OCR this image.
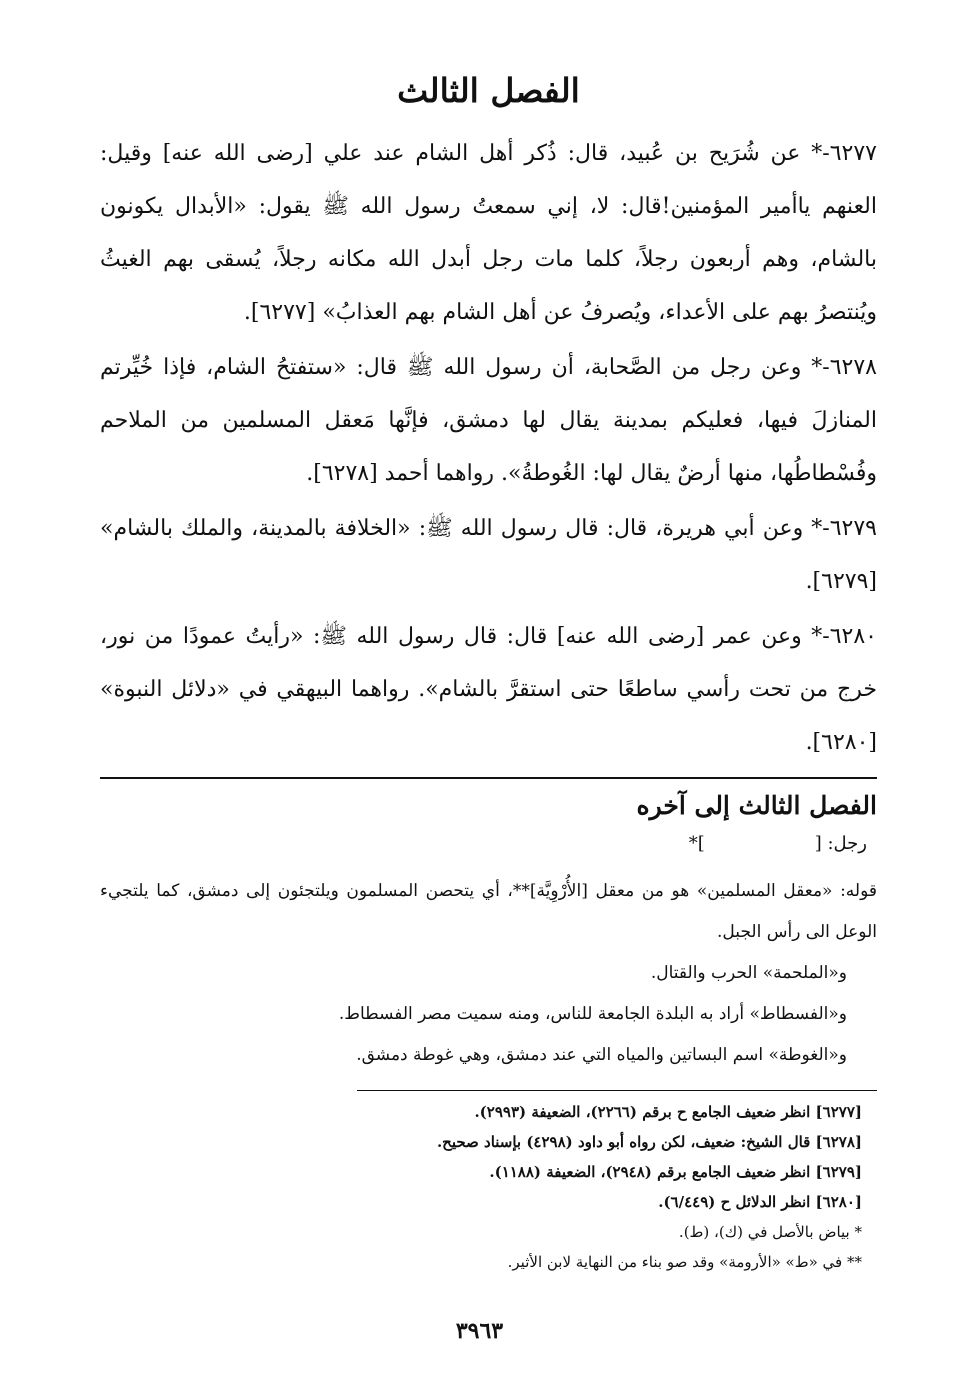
الفصل الثالث

٦٢٧٧-* عن شُرَيح بن عُبيد، قال: ذُكر أهل الشام عند علي [رضى الله عنه] وقيل: العنهم ياأمير المؤمنين!قال: لا، إني سمعتُ رسول الله ﷺ يقول: «الأبدال يكونون بالشام، وهم أربعون رجلاً، كلما مات رجل أبدل الله مكانه رجلاً، يُسقى بهم الغيثُ ويُنتصرُ بهم على الأعداء، ويُصرفُ عن أهل الشام بهم العذابُ» [٦٢٧٧].

٦٢٧٨-* وعن رجل من الصَّحابة، أن رسول الله ﷺ قال: «ستفتحُ الشام، فإذا خُيِّرتم المنازلَ فيها، فعليكم بمدينة يقال لها دمشق، فإنَّها مَعقل المسلمين من الملاحم وفُسْطاطُها، منها أرضٌ يقال لها: الغُوطةُ». رواهما أحمد [٦٢٧٨].

٦٢٧٩-* وعن أبي هريرة، قال: قال رسول الله ﷺ: «الخلافة بالمدينة، والملك بالشام» [٦٢٧٩].

٦٢٨٠-* وعن عمر [رضى الله عنه] قال: قال رسول الله ﷺ: «رأيتُ عمودًا من نور، خرج من تحت رأسي ساطعًا حتى استقرَّ بالشام». رواهما البيهقي في «دلائل النبوة» [٦٢٨٠].

الفصل الثالث إلى آخره

رجل: []*

قوله: «معقل المسلمين» هو من معقل [الأُرْوِيَّة]**، أي يتحصن المسلمون ويلتجئون إلى دمشق، كما يلتجيء الوعل الى رأس الجبل.

و«الملحمة» الحرب والقتال.

و«الفسطاط» أراد به البلدة الجامعة للناس، ومنه سميت مصر الفسطاط.

و«الغوطة» اسم البساتين والمياه التي عند دمشق، وهي غوطة دمشق.

[٦٢٧٧] انظر ضعيف الجامع ح برقم (٢٢٦٦)، الضعيفة (٢٩٩٣).

[٦٢٧٨] قال الشيخ: ضعيف، لكن رواه أبو داود (٤٢٩٨) بإسناد صحيح.

[٦٢٧٩] انظر ضعيف الجامع برقم (٢٩٤٨)، الضعيفة (١١٨٨).

[٦٢٨٠] انظر الدلائل ح (٦/٤٤٩).

* بياض بالأصل في (ك)، (ط).

** في «ط» «الأرومة» وقد صو بناء من النهاية لابن الأثير.

٣٩٦٣
